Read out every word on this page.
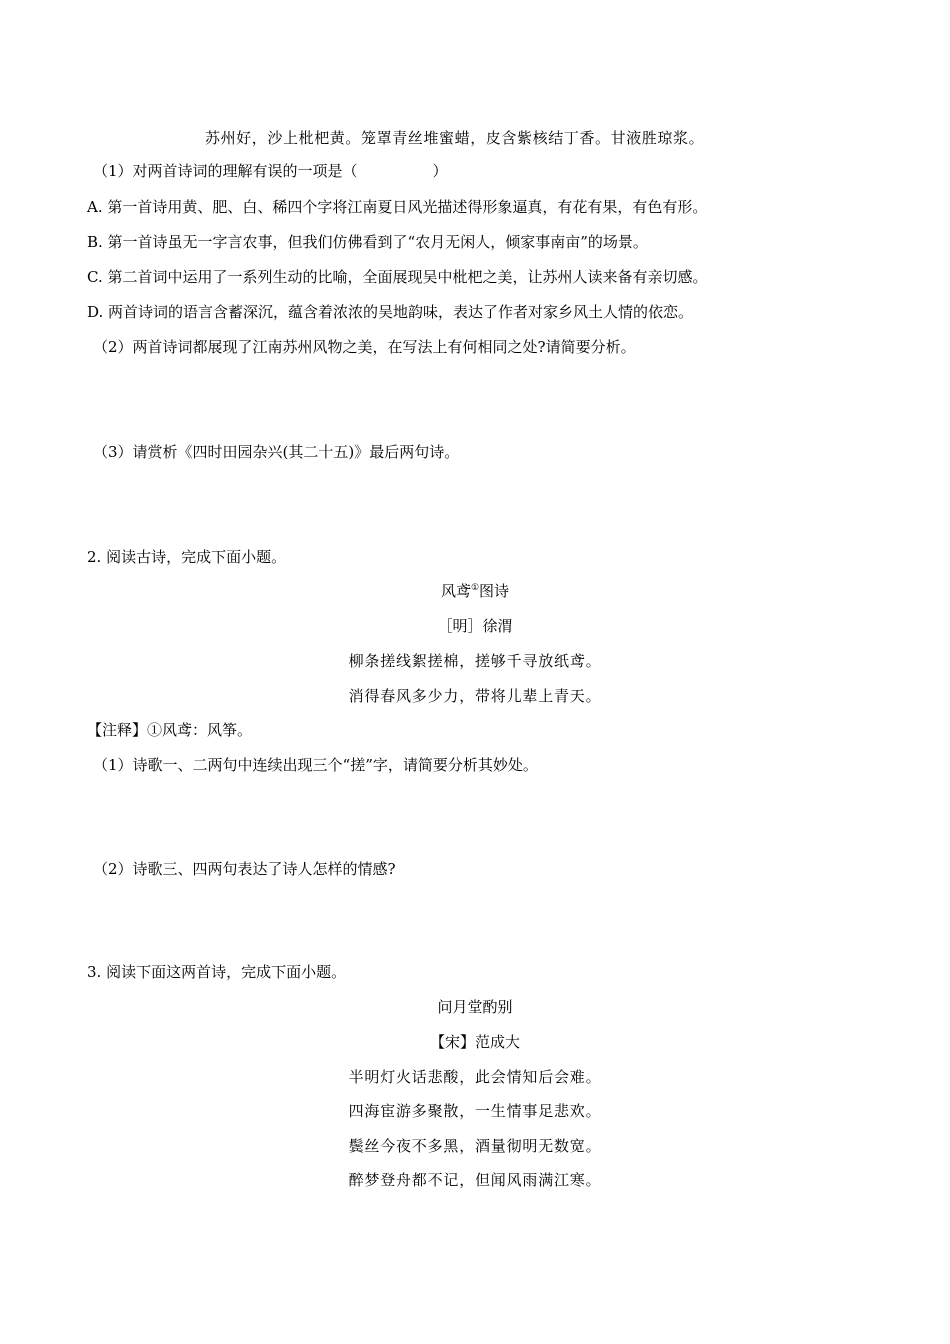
苏州好，沙上枇杷黄。笼罩青丝堆蜜蜡，皮含紫核结丁香。甘液胜琼浆。
（1）对两首诗词的理解有误的一项是（　　　　　）
A. 第一首诗用黄、肥、白、稀四个字将江南夏日风光描述得形象逼真，有花有果，有色有形。
B. 第一首诗虽无一字言农事，但我们仿佛看到了“农月无闲人，倾家事南亩”的场景。
C. 第二首词中运用了一系列生动的比喻，全面展现吴中枇杷之美，让苏州人读来备有亲切感。
D. 两首诗词的语言含蓄深沉，蕴含着浓浓的吴地韵味，表达了作者对家乡风土人情的依恋。
（2）两首诗词都展现了江南苏州风物之美，在写法上有何相同之处?请简要分析。
（3）请赏析《四时田园杂兴(其二十五)》最后两句诗。
2. 阅读古诗，完成下面小题。
风鸢①图诗
［明］徐渭
柳条搓线絮搓棉，搓够千寻放纸鸢。
消得春风多少力，带将儿辈上青天。
【注释】①风鸢：风筝。
（1）诗歌一、二两句中连续出现三个“搓”字，请简要分析其妙处。
（2）诗歌三、四两句表达了诗人怎样的情感?
3. 阅读下面这两首诗，完成下面小题。
问月堂酌别
【宋】范成大
半明灯火话悲酸，此会情知后会难。
四海宦游多聚散，一生情事足悲欢。
鬓丝今夜不多黑，酒量彻明无数宽。
醉梦登舟都不记，但闻风雨满江寒。
